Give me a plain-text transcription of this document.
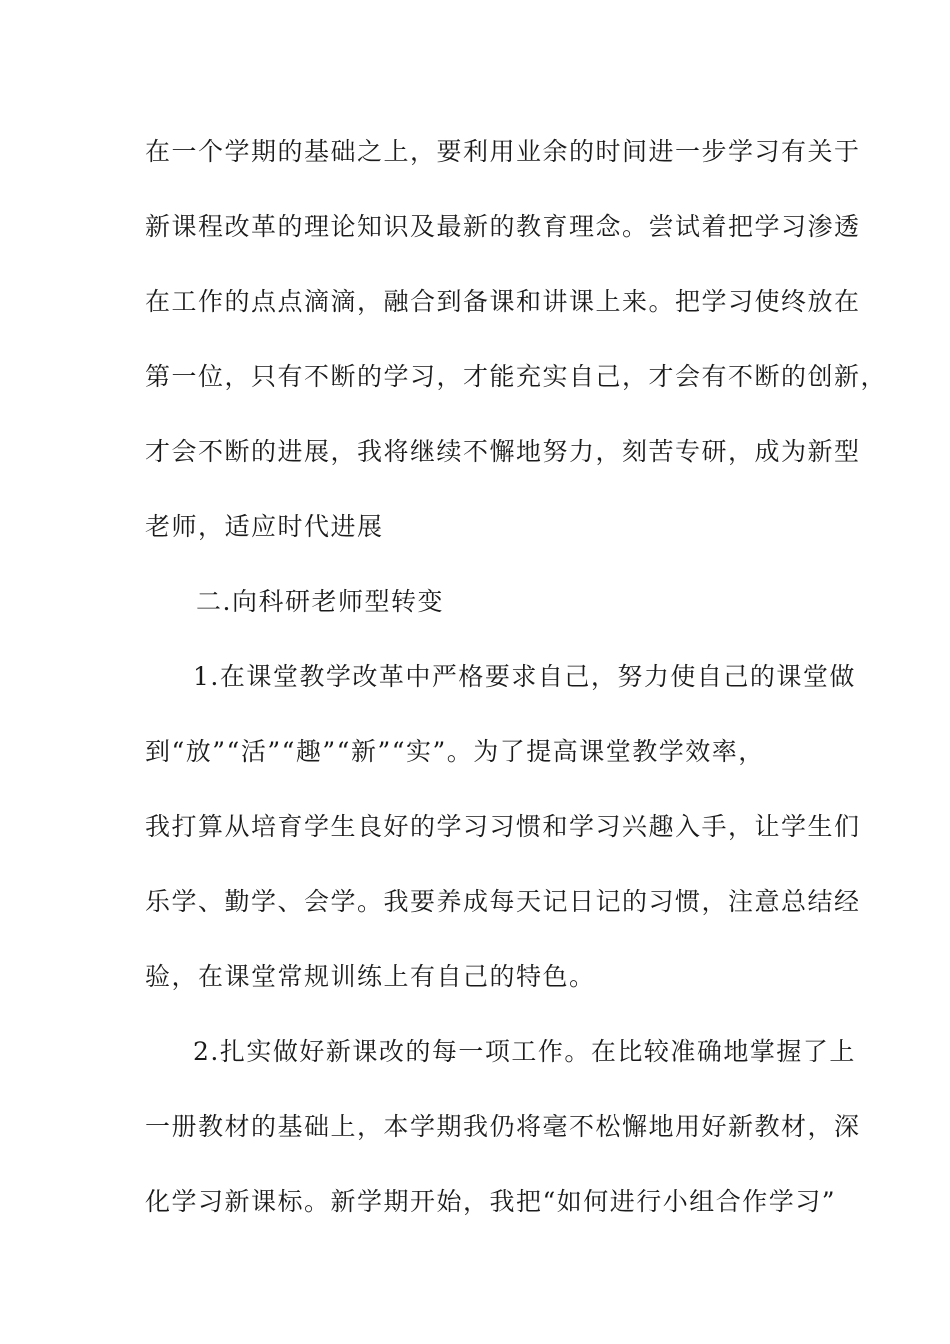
在一个学期的基础之上，要利用业余的时间进一步学习有关于
新课程改革的理论知识及最新的教育理念。尝试着把学习渗透
在工作的点点滴滴，融合到备课和讲课上来。把学习使终放在
第一位，只有不断的学习，才能充实自己，才会有不断的创新，
才会不断的进展，我将继续不懈地努力，刻苦专研，成为新型
老师，适应时代进展
二.向科研老师型转变
1.在课堂教学改革中严格要求自己，努力使自己的课堂做
到“放”“活”“趣”“新”“实”。为了提高课堂教学效率，
我打算从培育学生良好的学习习惯和学习兴趣入手，让学生们
乐学、勤学、会学。我要养成每天记日记的习惯，注意总结经
验，在课堂常规训练上有自己的特色。
2.扎实做好新课改的每一项工作。在比较准确地掌握了上
一册教材的基础上，本学期我仍将毫不松懈地用好新教材，深
化学习新课标。新学期开始，我把“如何进行小组合作学习”
